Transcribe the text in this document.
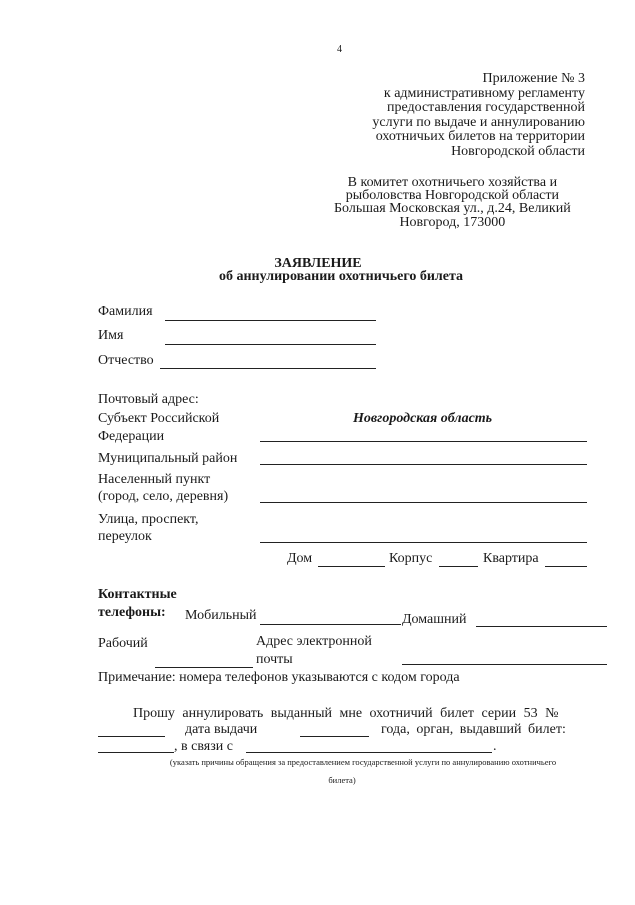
4
Приложение № 3
к административному регламенту
предоставления государственной
услуги по выдаче и аннулированию
охотничьих билетов на территории
Новгородской области
В комитет охотничьего хозяйства и
рыболовства Новгородской области
Большая Московская ул., д.24, Великий
Новгород, 173000
ЗАЯВЛЕНИЕ
об аннулировании охотничьего билета
Фамилия
Имя
Отчество
Почтовый адрес:
Субъект Российской
Федерации
Новгородская область
Муниципальный район
Населенный пункт
(город, село, деревня)
Улица, проспект,
переулок
Дом	Корпус	Квартира
Контактные
телефоны: Мобильный	Домашний
Рабочий	Адрес электронной
почты
Примечание: номера телефонов указываются с кодом города
Прошу аннулировать выданный мне охотничий билет серии 53 №
дата выдачи	года, орган, выдавший билет:
, в связи с	.
(указать причины обращения за предоставлением государственной услуги по аннулированию охотничьего
билета)
